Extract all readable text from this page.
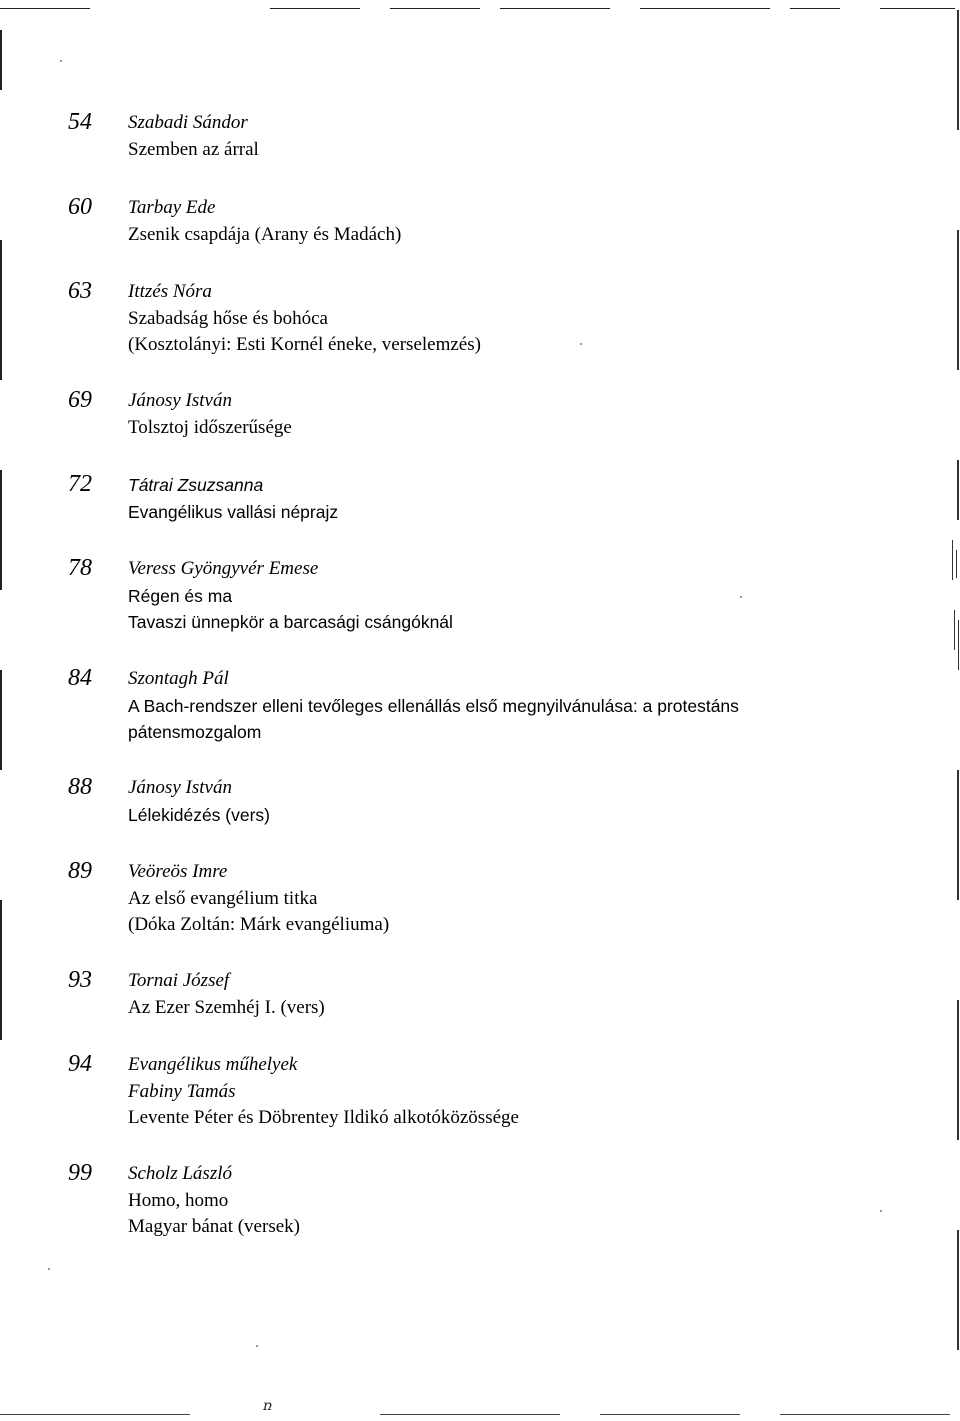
54 Szabadi Sándor
Szemben az árral
60 Tarbay Ede
Zsenik csapdája (Arany és Madách)
63 Ittzés Nóra
Szabadság hőse és bohóca
(Kosztolányi: Esti Kornél éneke, verselemzés)
69 Jánosy István
Tolsztoj időszerűsége
72 Tátrai Zsuzsanna
Evangélikus vallási néprajz
78 Veress Gyöngyvér Emese
Régen és ma
Tavaszi ünnepkör a barcasági csángóknál
84 Szontagh Pál
A Bach-rendszer elleni tevőleges ellenállás első megnyilvánulása: a protestáns
pátensmozgalom
88 Jánosy István
Lélekidézés (vers)
89 Veöreös Imre
Az első evangélium titka
(Dóka Zoltán: Márk evangéliuma)
93 Tornai József
Az Ezer Szemhéj I. (vers)
94 Evangélikus műhelyek
Fabiny Tamás
Levente Péter és Döbrentey Ildikó alkotóközössége
99 Scholz László
Homo, homo
Magyar bánat (versek)
ռ
